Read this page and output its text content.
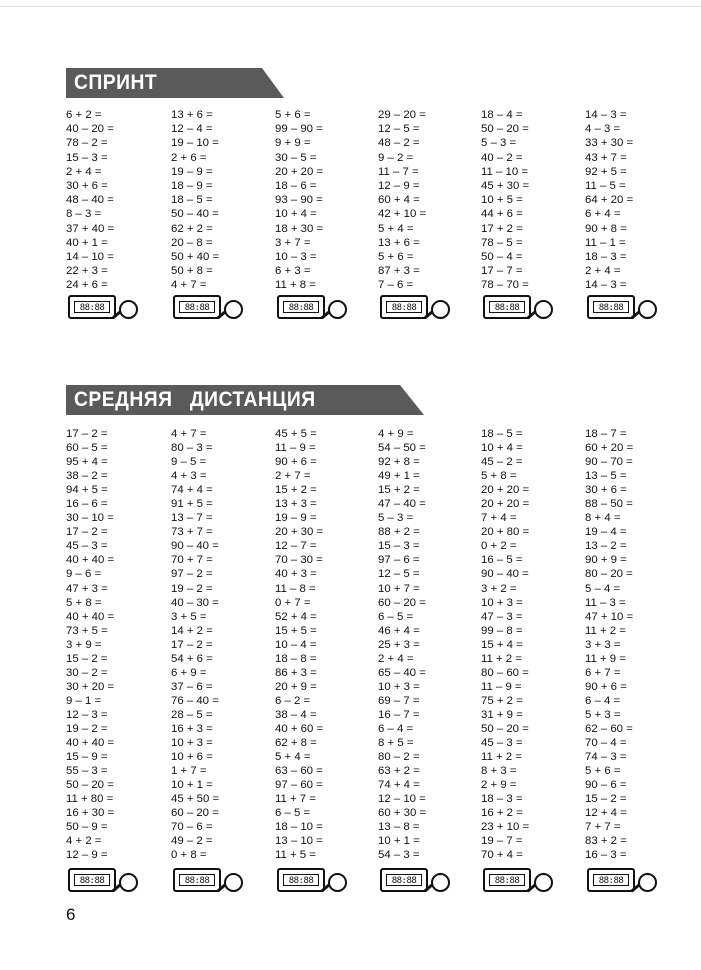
СПРИНТ
СРЕДНЯЯ   ДИСТАНЦИЯ
6 + 2 =
40 – 20 =
78 – 2 =
15 – 3 =
2 + 4 =
30 + 6 =
48 – 40 =
8 – 3 =
37 + 40 =
40 + 1 =
14 – 10 =
22 + 3 =
24 + 6 =
88:88
13 + 6 =
12 – 4 =
19 – 10 =
2 + 6 =
19 – 9 =
18 – 9 =
18 – 5 =
50 – 40 =
62 + 2 =
20 – 8 =
50 + 40 =
50 + 8 =
4 + 7 =
88:88
5 + 6 =
99 – 90 =
9 + 9 =
30 – 5 =
20 + 20 =
18 – 6 =
93 – 90 =
10 + 4 =
18 + 30 =
3 + 7 =
10 – 3 =
6 + 3 =
11 + 8 =
88:88
29 – 20 =
12 – 5 =
48 – 2 =
9 – 2 =
11 – 7 =
12 – 9 =
60 + 4 =
42 + 10 =
5 + 4 =
13 + 6 =
5 + 6 =
87 + 3 =
7 – 6 =
88:88
18 – 4 =
50 – 20 =
5 – 3 =
40 – 2 =
11 – 10 =
45 + 30 =
10 + 5 =
44 + 6 =
17 + 2 =
78 – 5 =
50 – 4 =
17 – 7 =
78 – 70 =
88:88
14 – 3 =
4 – 3 =
33 + 30 =
43 + 7 =
92 + 5 =
11 – 5 =
64 + 20 =
6 + 4 =
90 + 8 =
11 – 1 =
18 – 3 =
2 + 4 =
14 – 3 =
88:88
17 – 2 =
60 – 5 =
95 + 4 =
38 – 2 =
94 + 5 =
16 – 6 =
30 – 10 =
17 – 2 =
45 – 3 =
40 + 40 =
9 – 6 =
47 + 3 =
5 + 8 =
40 + 40 =
73 + 5 =
3 + 9 =
15 – 2 =
30 – 2 =
30 + 20 =
9 – 1 =
12 – 3 =
19 – 2 =
40 + 40 =
15 – 9 =
55 – 3 =
50 – 20 =
11 + 80 =
16 + 30 =
50 – 9 =
4 + 2 =
12 – 9 =
88:88
4 + 7 =
80 – 3 =
9 – 5 =
4 + 3 =
74 + 4 =
91 + 5 =
13 – 7 =
73 + 7 =
90 – 40 =
70 + 7 =
97 – 2 =
19 – 2 =
40 – 30 =
3 + 5 =
14 + 2 =
17 – 2 =
54 + 6 =
6 + 9 =
37 – 6 =
76 – 40 =
28 – 5 =
16 + 3 =
10 + 3 =
10 + 6 =
1 + 7 =
10 + 1 =
45 + 50 =
60 – 20 =
70 – 6 =
49 – 2 =
0 + 8 =
88:88
45 + 5 =
11 – 9 =
90 + 6 =
2 + 7 =
15 + 2 =
13 + 3 =
19 – 9 =
20 + 30 =
12 – 7 =
70 – 30 =
40 + 3 =
11 – 8 =
0 + 7 =
52 + 4 =
15 + 5 =
10 – 4 =
18 – 8 =
86 + 3 =
20 + 9 =
6 – 2 =
38 – 4 =
40 + 60 =
62 + 8 =
5 + 4 =
63 – 60 =
97 – 60 =
11 + 7 =
6 – 5 =
18 – 10 =
13 – 10 =
11 + 5 =
88:88
4 + 9 =
54 – 50 =
92 + 8 =
49 + 1 =
15 + 2 =
47 – 40 =
5 – 3 =
88 + 2 =
15 – 3 =
97 – 6 =
12 – 5 =
10 + 7 =
60 – 20 =
6 – 5 =
46 + 4 =
25 + 3 =
2 + 4 =
65 – 40 =
10 + 3 =
69 – 7 =
16 – 7 =
6 – 4 =
8 + 5 =
80 – 2 =
63 + 2 =
74 + 4 =
12 – 10 =
60 + 30 =
13 – 8 =
10 + 1 =
54 – 3 =
88:88
18 – 5 =
10 + 4 =
45 – 2 =
5 + 8 =
20 + 20 =
20 + 20 =
7 + 4 =
20 + 80 =
0 + 2 =
16 – 5 =
90 – 40 =
3 + 2 =
10 + 3 =
47 – 3 =
99 – 8 =
15 + 4 =
11 + 2 =
80 – 60 =
11 – 9 =
75 + 2 =
31 + 9 =
50 – 20 =
45 – 3 =
11 + 2 =
8 + 3 =
2 + 9 =
18 – 3 =
16 + 2 =
23 + 10 =
19 – 7 =
70 + 4 =
88:88
18 – 7 =
60 + 20 =
90 – 70 =
13 – 5 =
30 + 6 =
88 – 50 =
8 + 4 =
19 – 4 =
13 – 2 =
90 + 9 =
80 – 20 =
5 – 4 =
11 – 3 =
47 + 10 =
11 + 2 =
3 + 3 =
11 + 9 =
6 + 7 =
90 + 6 =
6 – 4 =
5 + 3 =
62 – 60 =
70 – 4 =
74 – 3 =
5 + 6 =
90 – 6 =
15 – 2 =
12 + 4 =
7 + 7 =
83 + 2 =
16 – 3 =
88:88
6
